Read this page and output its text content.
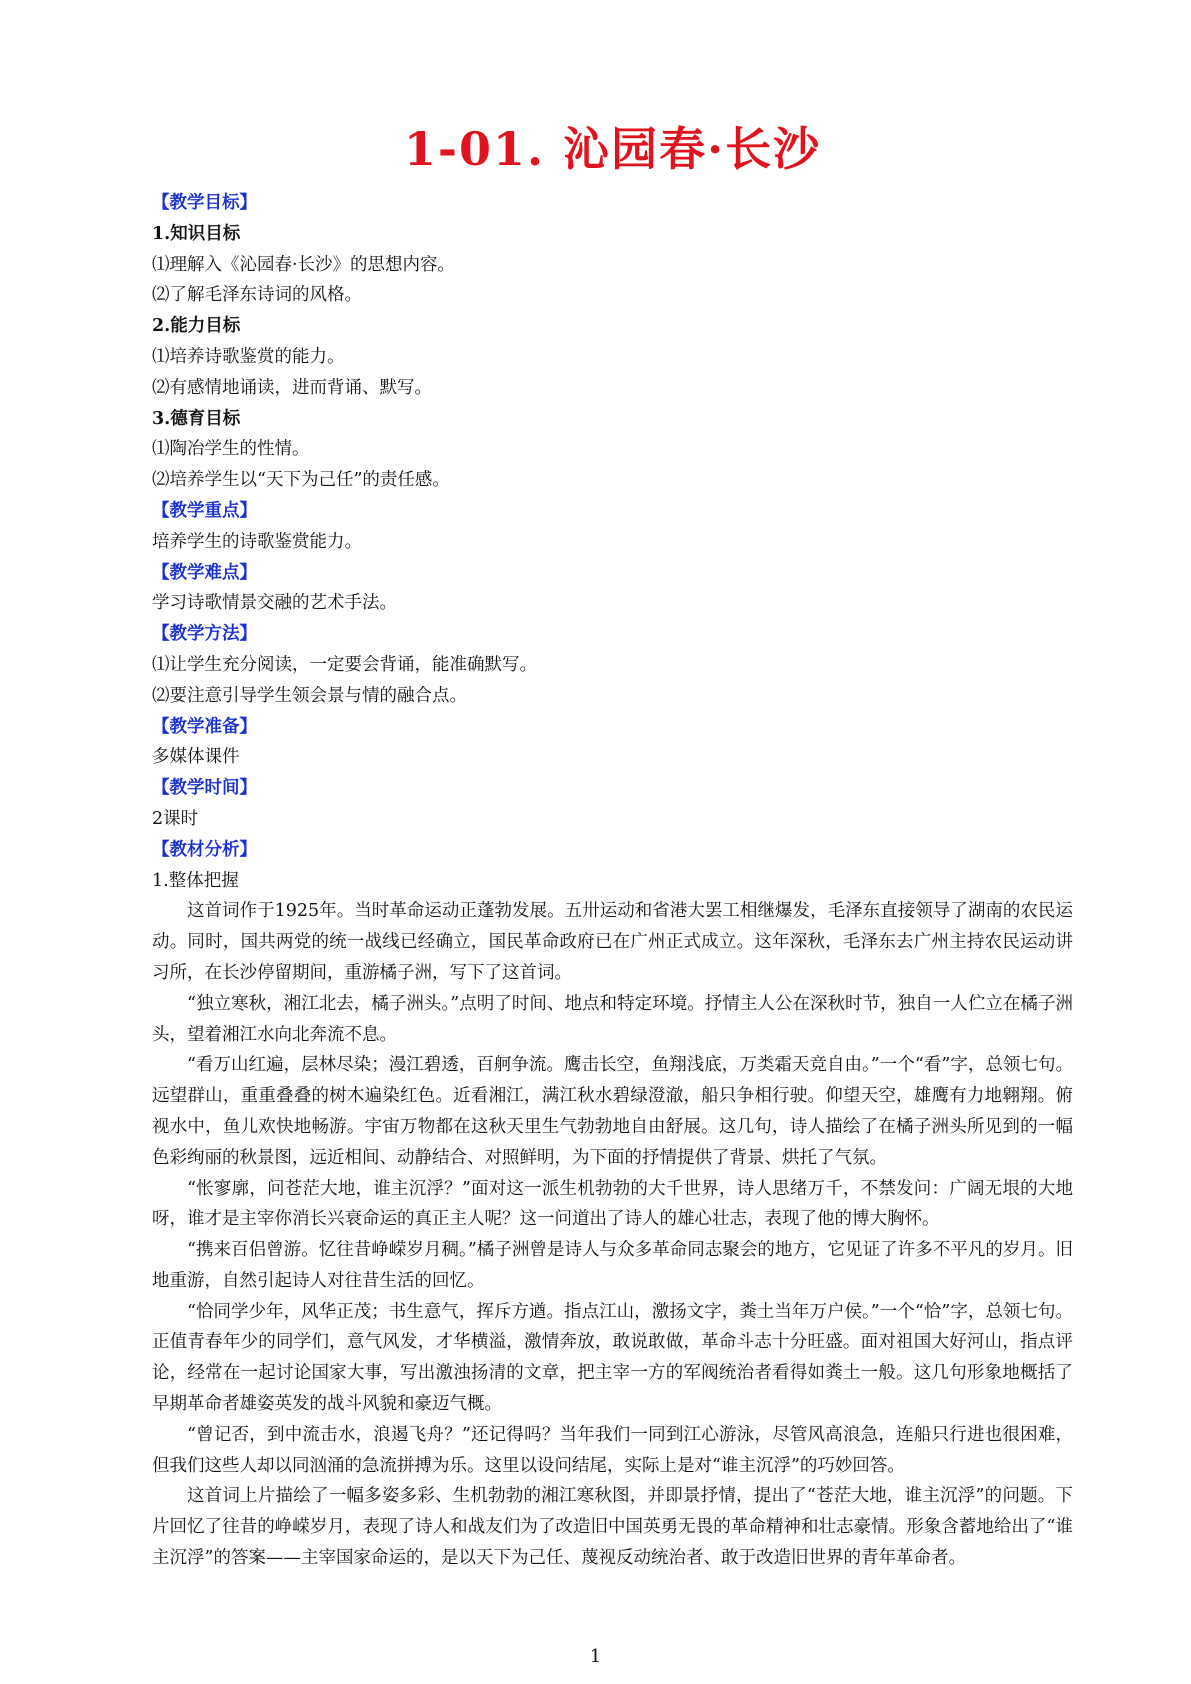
1-01. 沁园春·长沙

【教学目标】

1.知识目标

⑴理解入《沁园春·长沙》的思想内容。

⑵了解毛泽东诗词的风格。

2.能力目标

⑴培养诗歌鉴赏的能力。

⑵有感情地诵读，进而背诵、默写。

3.德育目标

⑴陶冶学生的性情。

⑵培养学生以“天下为己任”的责任感。

【教学重点】

培养学生的诗歌鉴赏能力。

【教学难点】

学习诗歌情景交融的艺术手法。

【教学方法】

⑴让学生充分阅读，一定要会背诵，能准确默写。

⑵要注意引导学生领会景与情的融合点。

【教学准备】

多媒体课件

【教学时间】

2课时

【教材分析】

1.整体把握

这首词作于1925年。当时革命运动正蓬勃发展。五卅运动和省港大罢工相继爆发，毛泽东直接领导了湖南的农民运动。同时，国共两党的统一战线已经确立，国民革命政府已在广州正式成立。这年深秋，毛泽东去广州主持农民运动讲习所，在长沙停留期间，重游橘子洲，写下了这首词。

“独立寒秋，湘江北去，橘子洲头。”点明了时间、地点和特定环境。抒情主人公在深秋时节，独自一人伫立在橘子洲头，望着湘江水向北奔流不息。

“看万山红遍，层林尽染；漫江碧透，百舸争流。鹰击长空，鱼翔浅底，万类霜天竞自由。”一个“看”字，总领七句。远望群山，重重叠叠的树木遍染红色。近看湘江，满江秋水碧绿澄澈，船只争相行驶。仰望天空，雄鹰有力地翱翔。俯视水中，鱼儿欢快地畅游。宇宙万物都在这秋天里生气勃勃地自由舒展。这几句，诗人描绘了在橘子洲头所见到的一幅色彩绚丽的秋景图，远近相间、动静结合、对照鲜明，为下面的抒情提供了背景、烘托了气氛。

“怅寥廓，问苍茫大地，谁主沉浮？”面对这一派生机勃勃的大千世界，诗人思绪万千，不禁发问：广阔无垠的大地呀，谁才是主宰你消长兴衰命运的真正主人呢？这一问道出了诗人的雄心壮志，表现了他的博大胸怀。

“携来百侣曾游。忆往昔峥嵘岁月稠。”橘子洲曾是诗人与众多革命同志聚会的地方，它见证了许多不平凡的岁月。旧地重游，自然引起诗人对往昔生活的回忆。

“恰同学少年，风华正茂；书生意气，挥斥方遒。指点江山，激扬文字，粪土当年万户侯。”一个“恰”字，总领七句。正值青春年少的同学们，意气风发，才华横溢，激情奔放，敢说敢做，革命斗志十分旺盛。面对祖国大好河山，指点评论，经常在一起讨论国家大事，写出激浊扬清的文章，把主宰一方的军阀统治者看得如粪土一般。这几句形象地概括了早期革命者雄姿英发的战斗风貌和豪迈气概。

“曾记否，到中流击水，浪遏飞舟？”还记得吗？当年我们一同到江心游泳，尽管风高浪急，连船只行进也很困难，但我们这些人却以同汹涌的急流拼搏为乐。这里以设问结尾，实际上是对“谁主沉浮”的巧妙回答。

这首词上片描绘了一幅多姿多彩、生机勃勃的湘江寒秋图，并即景抒情，提出了“苍茫大地，谁主沉浮”的问题。下片回忆了往昔的峥嵘岁月，表现了诗人和战友们为了改造旧中国英勇无畏的革命精神和壮志豪情。形象含蓄地给出了“谁主沉浮”的答案——主宰国家命运的，是以天下为己任、蔑视反动统治者、敢于改造旧世界的青年革命者。

1
